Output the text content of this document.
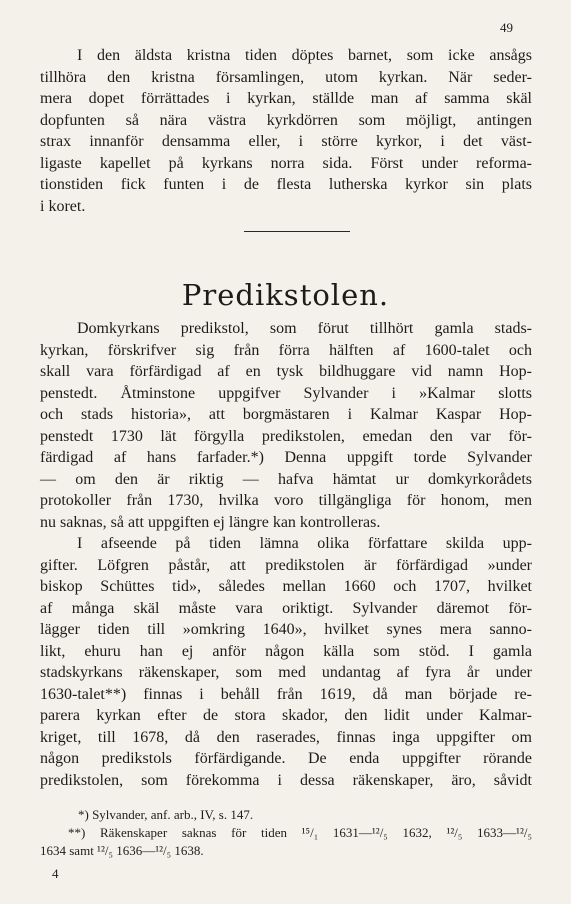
49
I den äldsta kristna tiden döptes barnet, som icke ansågs
tillhöra den kristna församlingen, utom kyrkan. När seder-
mera dopet förrättades i kyrkan, ställde man af samma skäl
dopfunten så nära västra kyrkdörren som möjligt, antingen
strax innanför densamma eller, i större kyrkor, i det väst-
ligaste kapellet på kyrkans norra sida. Först under reforma-
tionstiden fick funten i de flesta lutherska kyrkor sin plats
i koret.
Predikstolen.
Domkyrkans predikstol, som förut tillhört gamla stads-
kyrkan, förskrifver sig från förra hälften af 1600-talet och
skall vara förfärdigad af en tysk bildhuggare vid namn Hop-
penstedt. Åtminstone uppgifver Sylvander i »Kalmar slotts
och stads historia», att borgmästaren i Kalmar Kaspar Hop-
penstedt 1730 lät förgylla predikstolen, emedan den var för-
färdigad af hans farfader.*) Denna uppgift torde Sylvander
— om den är riktig — hafva hämtat ur domkyrkorådets
protokoller från 1730, hvilka voro tillgängliga för honom, men
nu saknas, så att uppgiften ej längre kan kontrolleras.
I afseende på tiden lämna olika författare skilda upp-
gifter. Löfgren påstår, att predikstolen är förfärdigad »under
biskop Schüttes tid», således mellan 1660 och 1707, hvilket
af många skäl måste vara oriktigt. Sylvander däremot för-
lägger tiden till »omkring 1640», hvilket synes mera sanno-
likt, ehuru han ej anför någon källa som stöd. I gamla
stadskyrkans räkenskaper, som med undantag af fyra år under
1630-talet**) finnas i behåll från 1619, då man började re-
parera kyrkan efter de stora skador, den lidit under Kalmar-
kriget, till 1678, då den raserades, finnas inga uppgifter om
någon predikstols förfärdigande. De enda uppgifter rörande
predikstolen, som förekomma i dessa räkenskaper, äro, såvidt
*) Sylvander, anf. arb., IV, s. 147.
**) Räkenskaper saknas för tiden ¹⁵/₁ 1631—¹²/₅ 1632, ¹²/₅ 1633—¹²/₅
1634 samt ¹²/₅ 1636—¹²/₅ 1638.
4
